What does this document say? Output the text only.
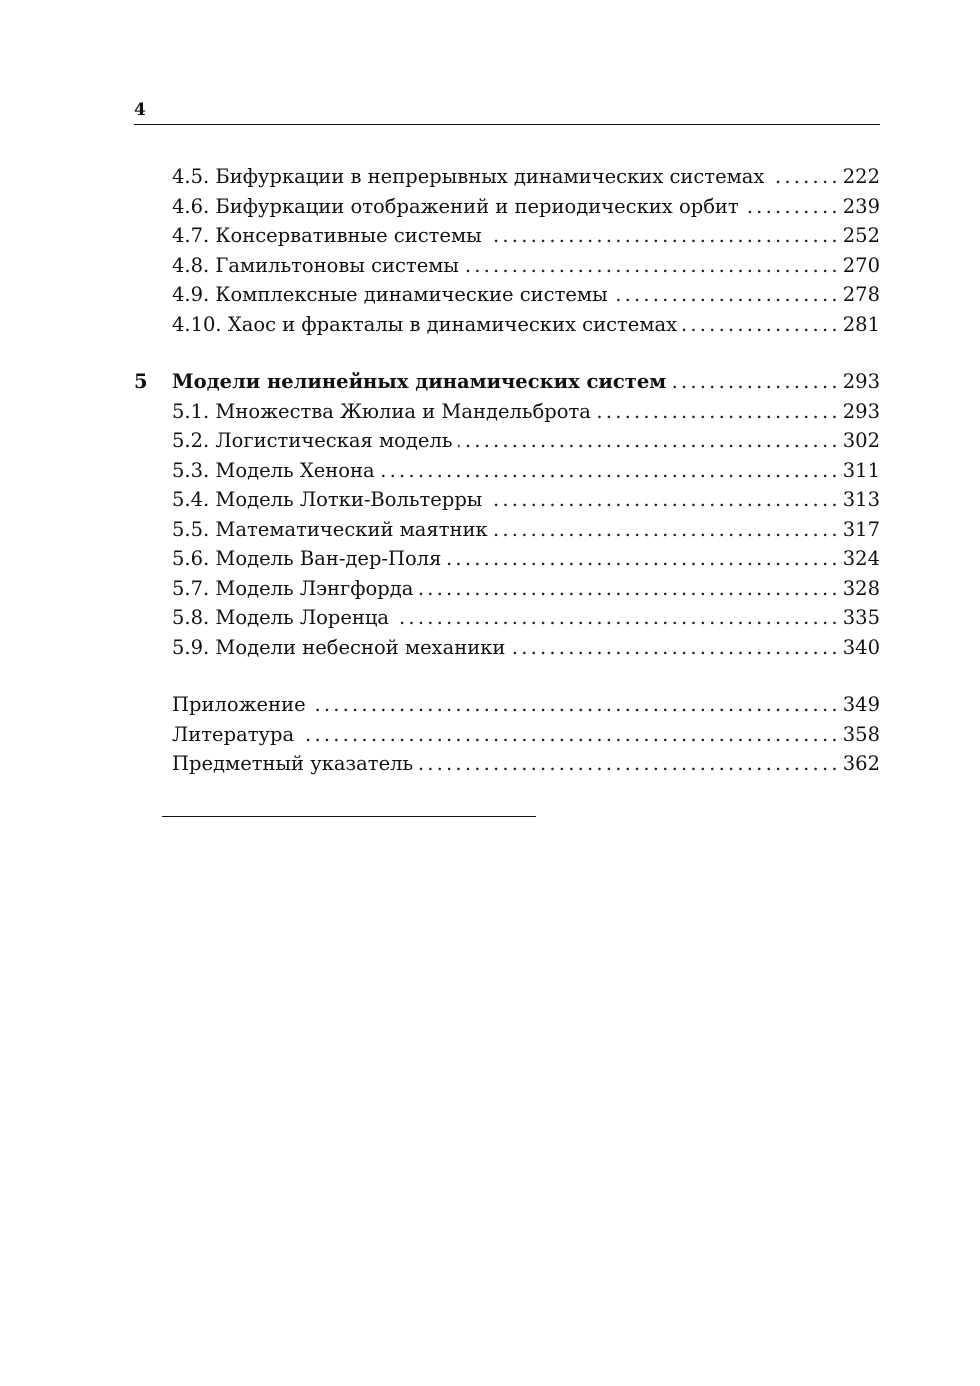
4
4.5. Бифуркации в непрерывных динамических системах .....	222
4.6. Бифуркации отображений и периодических орбит .....	239
4.7. Консервативные системы .....	252
4.8. Гамильтоновы системы .....	270
4.9. Комплексные динамические системы .....	278
4.10. Хаос и фракталы в динамических системах .....	281
5	Модели нелинейных динамических систем .....	293
5.1. Множества Жюлиа и Мандельброта .....	293
5.2. Логистическая модель .....	302
5.3. Модель Хенона .....	311
5.4. Модель Лотки-Вольтерры .....	313
5.5. Математический маятник .....	317
5.6. Модель Ван-дер-Поля .....	324
5.7. Модель Лэнгфорда .....	328
5.8. Модель Лоренца .....	335
5.9. Модели небесной механики .....	340
Приложение .....	349
Литература .....	358
Предметный указатель .....	362
